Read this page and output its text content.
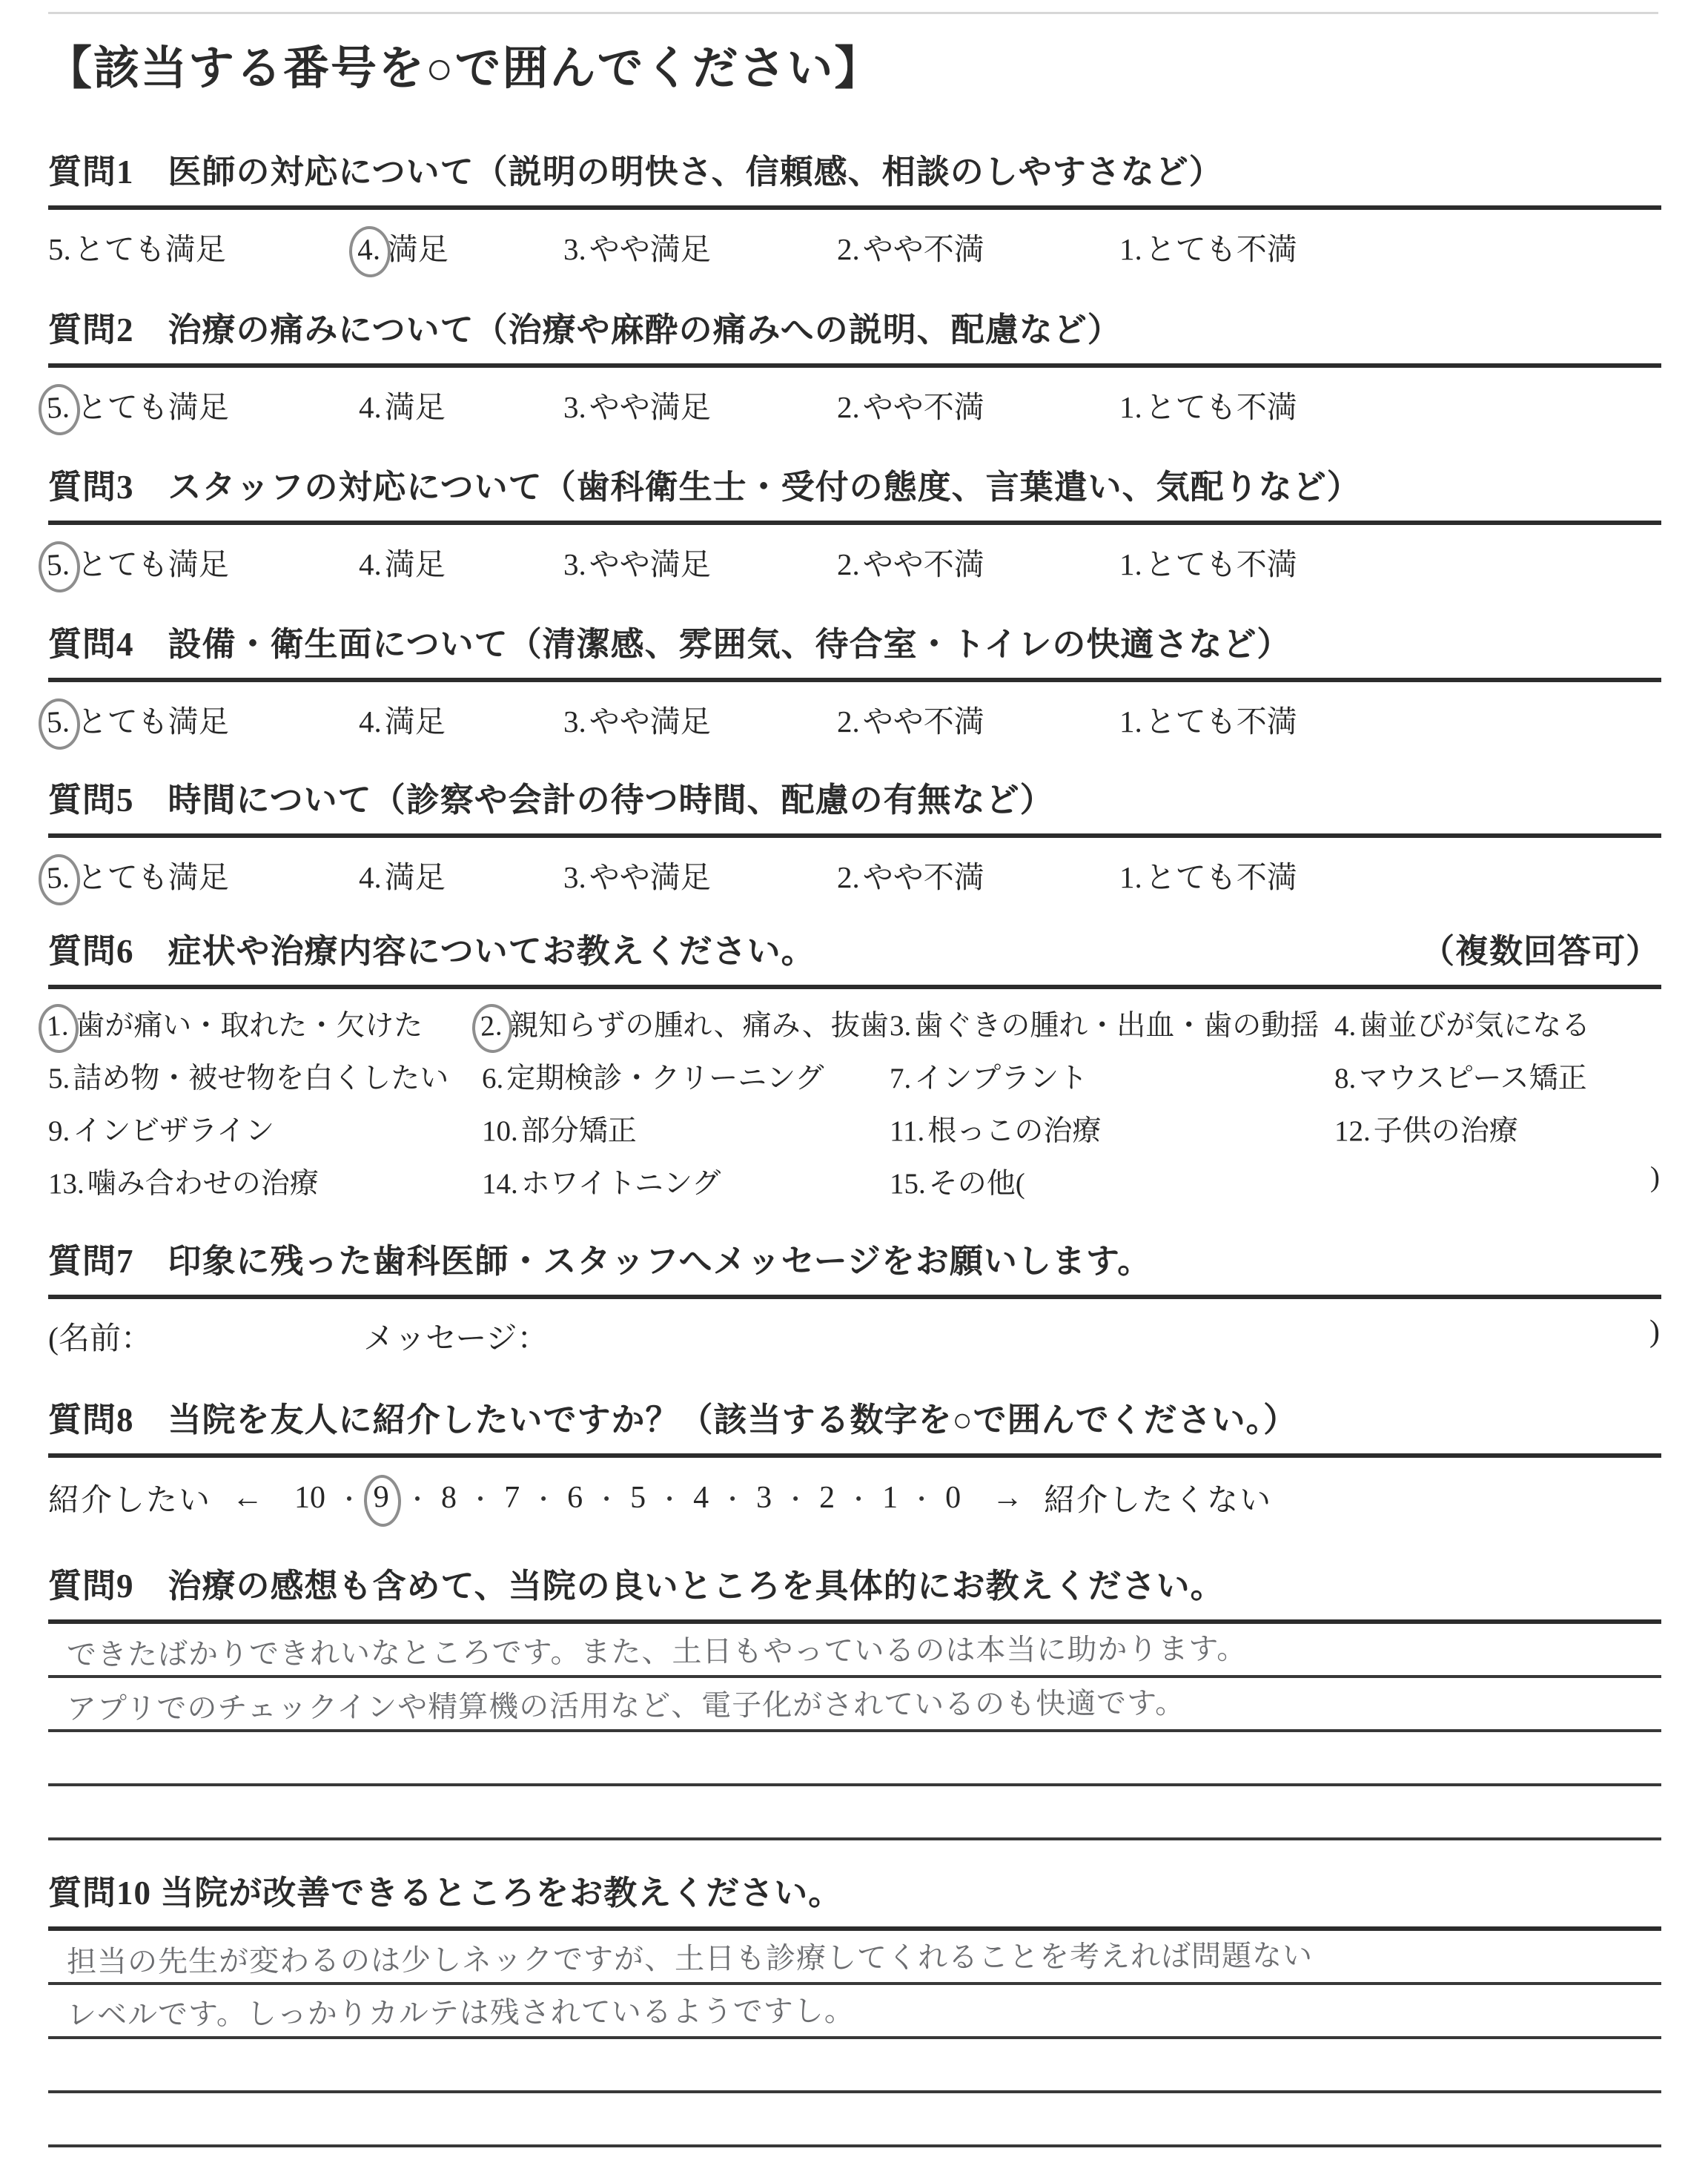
【該当する番号を○で囲んでください】
質問1　医師の対応について（説明の明快さ、信頼感、相談のしやすさなど）
5.とても満足	4. 満足	3.やや満足	2.やや不満	1.とても不満
質問2　治療の痛みについて（治療や麻酔の痛みへの説明、配慮など）
5. とても満足	4.満足	3.やや満足	2.やや不満	1.とても不満
質問3　スタッフの対応について（歯科衛生士・受付の態度、言葉遣い、気配りなど）
5. とても満足	4.満足	3.やや満足	2.やや不満	1.とても不満
質問4　設備・衛生面について（清潔感、雰囲気、待合室・トイレの快適さなど）
5. とても満足	4.満足	3.やや満足	2.やや不満	1.とても不満
質問5　時間について（診察や会計の待つ時間、配慮の有無など）
5. とても満足	4.満足	3.やや満足	2.やや不満	1.とても不満
質問6　症状や治療内容についてお教えください。	（複数回答可）
1. 歯が痛い・取れた・欠けた 2. 親知らずの腫れ、痛み、抜歯 3. 歯ぐきの腫れ・出血・歯の動揺 4. 歯並びが気になる
5. 詰め物・被せ物を白くしたい 6. 定期検診・クリーニング 7. インプラント	8. マウスピース矯正
9. インビザライン	10. 部分矯正	11. 根っこの治療	12. 子供の治療
13. 噛み合わせの治療	14. ホワイトニング	15. その他(	)
質問7　印象に残った歯科医師・スタッフへメッセージをお願いします。
(名前：	メッセージ：	)
質問8　当院を友人に紹介したいですか？（該当する数字を○で囲んでください。）
紹介したい ← 10 ・ 9 ・ 8 ・ 7 ・ 6 ・ 5 ・ 4 ・ 3 ・ 2 ・ 1 ・ 0 → 紹介したくない
質問9　治療の感想も含めて、当院の良いところを具体的にお教えください。
できたばかりできれいなところです。また、土日もやっているのは本当に助かります。
アプリでのチェックインや精算機の活用など、電子化がされているのも快適です。
質問10 当院が改善できるところをお教えください。
担当の先生が変わるのは少しネックですが、土日も診療してくれることを考えれば問題ない
レベルです。しっかりカルテは残されているようですし。
